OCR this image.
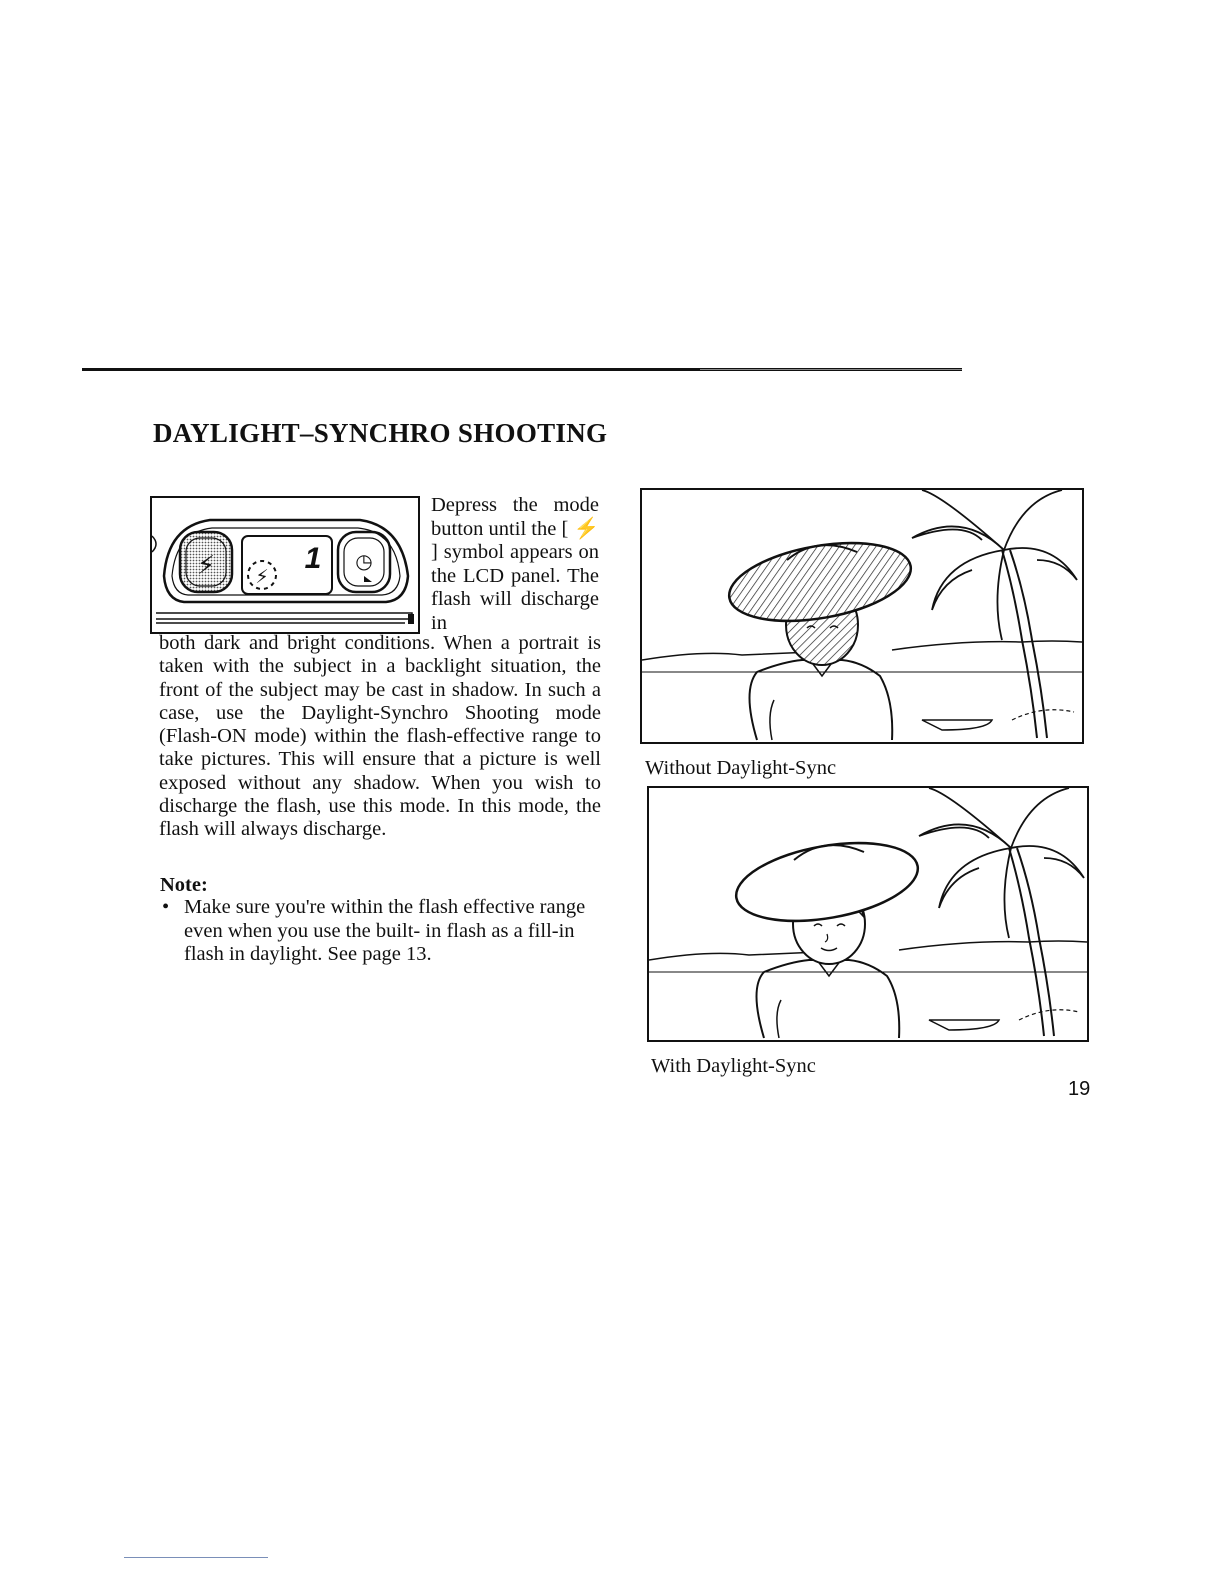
DAYLIGHT–SYNCHRO SHOOTING
⚡ ⚡
1 ◷
Depress the mode button until the [ ⚡ ] symbol appears on the LCD panel. The flash will discharge in
both dark and bright conditions. When a portrait is taken with the subject in a backlight situation, the front of the subject may be cast in shadow. In such a case, use the Daylight-Synchro Shooting mode (Flash-ON mode) within the flash-effective range to take pictures. This will ensure that a picture is well exposed without any shadow. When you wish to discharge the flash, use this mode. In this mode, the flash will always discharge.
Note:
• Make sure you're within the flash effective range even when you use the built- in flash as a fill-in flash in daylight. See page 13.
Without Daylight-Sync
With Daylight-Sync
19
